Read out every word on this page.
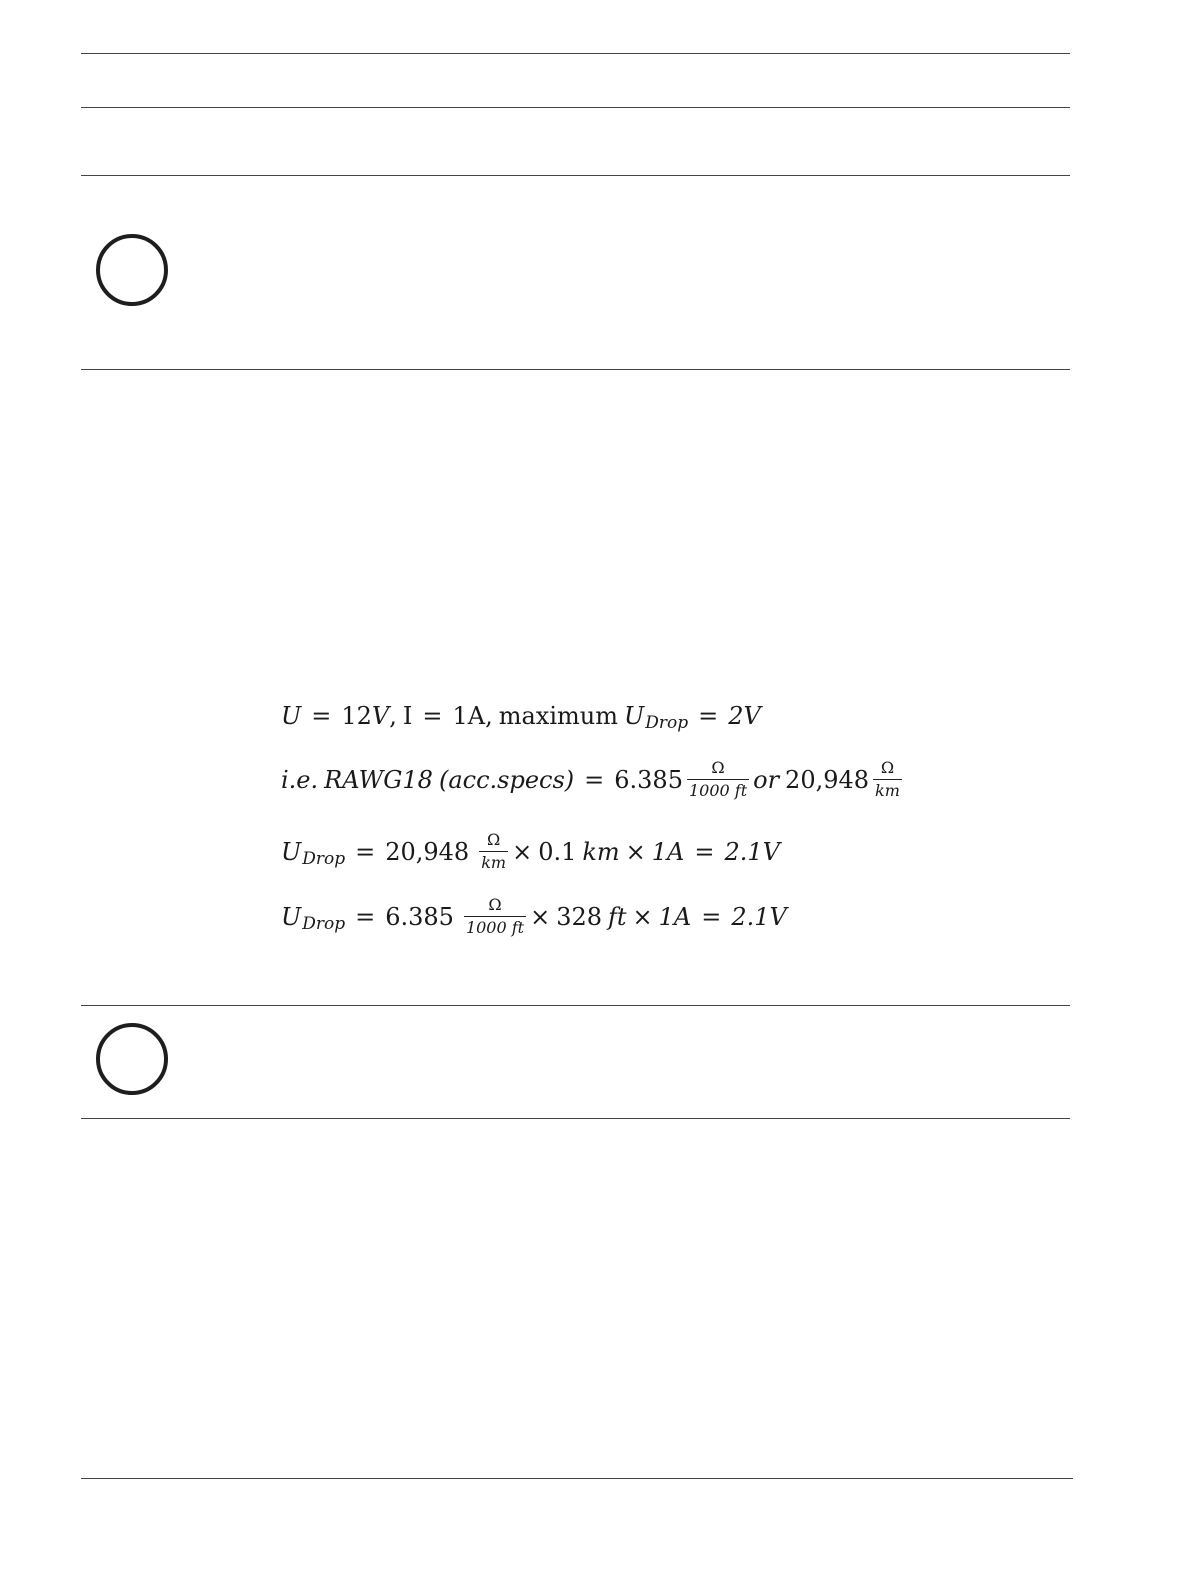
U = 12 V , I = 1A , maximum U Drop = 2V
i.e. RAWG18 (acc.specs) = $6.385 \frac{\Omega}{1000 ft}$ or $20,948 \frac{\Omega}{km}$
U Drop = $20,948 \frac{\Omega}{km} \times 0.1$ km × 1A = 2.1V
U Drop = $6.385 \frac{\Omega}{1000 ft} \times 328$ ft × 1A = 2.1V
